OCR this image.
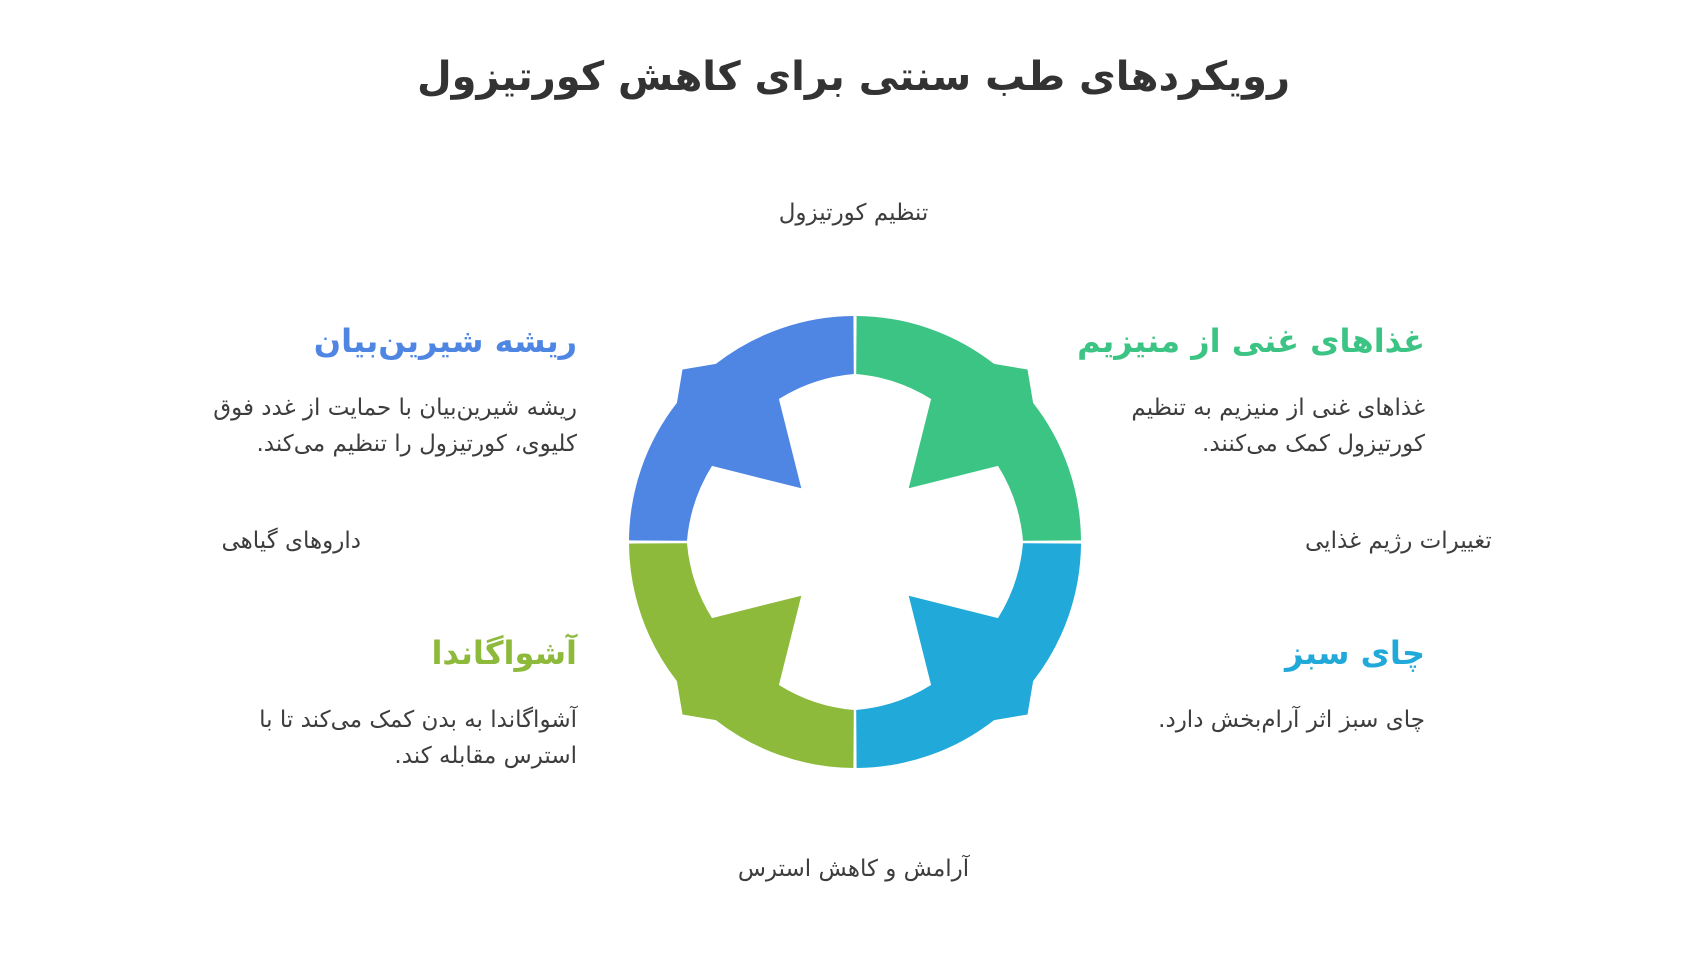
رویکردهای طب سنتی برای کاهش کورتیزول
تنظیم کورتیزول
آرامش و کاهش استرس
داروهای گیاهی	تغییرات رژیم غذایی
ریشه شیرین‌بیان
ریشه شیرین‌بیان با حمایت از غدد فوق کلیوی، کورتیزول را تنظیم می‌کند.
غذاهای غنی از منیزیم
غذاهای غنی از منیزیم به تنظیم کورتیزول کمک می‌کنند.
آشواگاندا
آشواگاندا به بدن کمک می‌کند تا با استرس مقابله کند.
چای سبز
چای سبز اثر آرام‌بخش دارد.
